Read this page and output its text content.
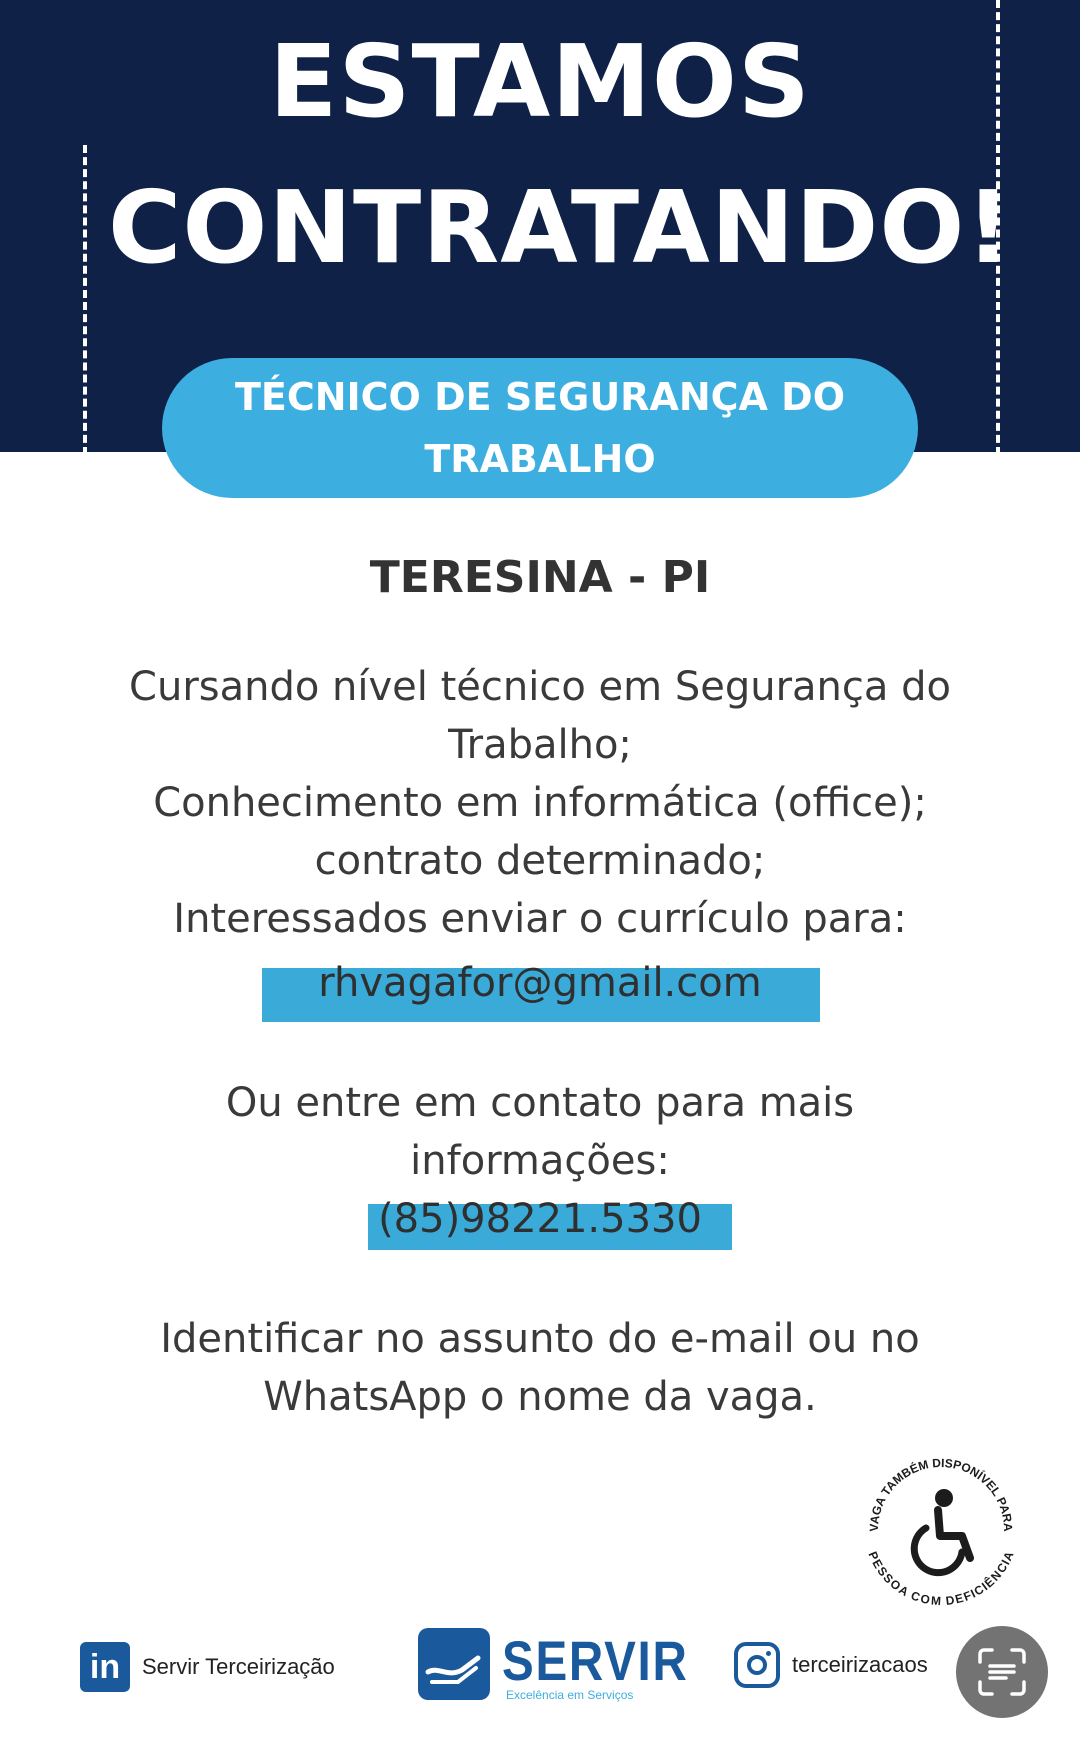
ESTAMOS
CONTRATANDO!
TÉCNICO DE SEGURANÇA DO TRABALHO
TERESINA - PI
Cursando nível técnico em Segurança do
Trabalho;
Conhecimento em informática (office);
contrato determinado;
Interessados enviar o currículo para:
rhvagafor@gmail.com
Ou entre em contato para mais
informações:
(85)98221.5330
Identificar no assunto do e-mail ou no
WhatsApp o nome da vaga.
VAGA TAMBÉM DISPONÍVEL PARA
PESSOA COM DEFICIÊNCIA
in Servir Terceirização	SERVIR
Excelência em Serviços
terceirizacaos
